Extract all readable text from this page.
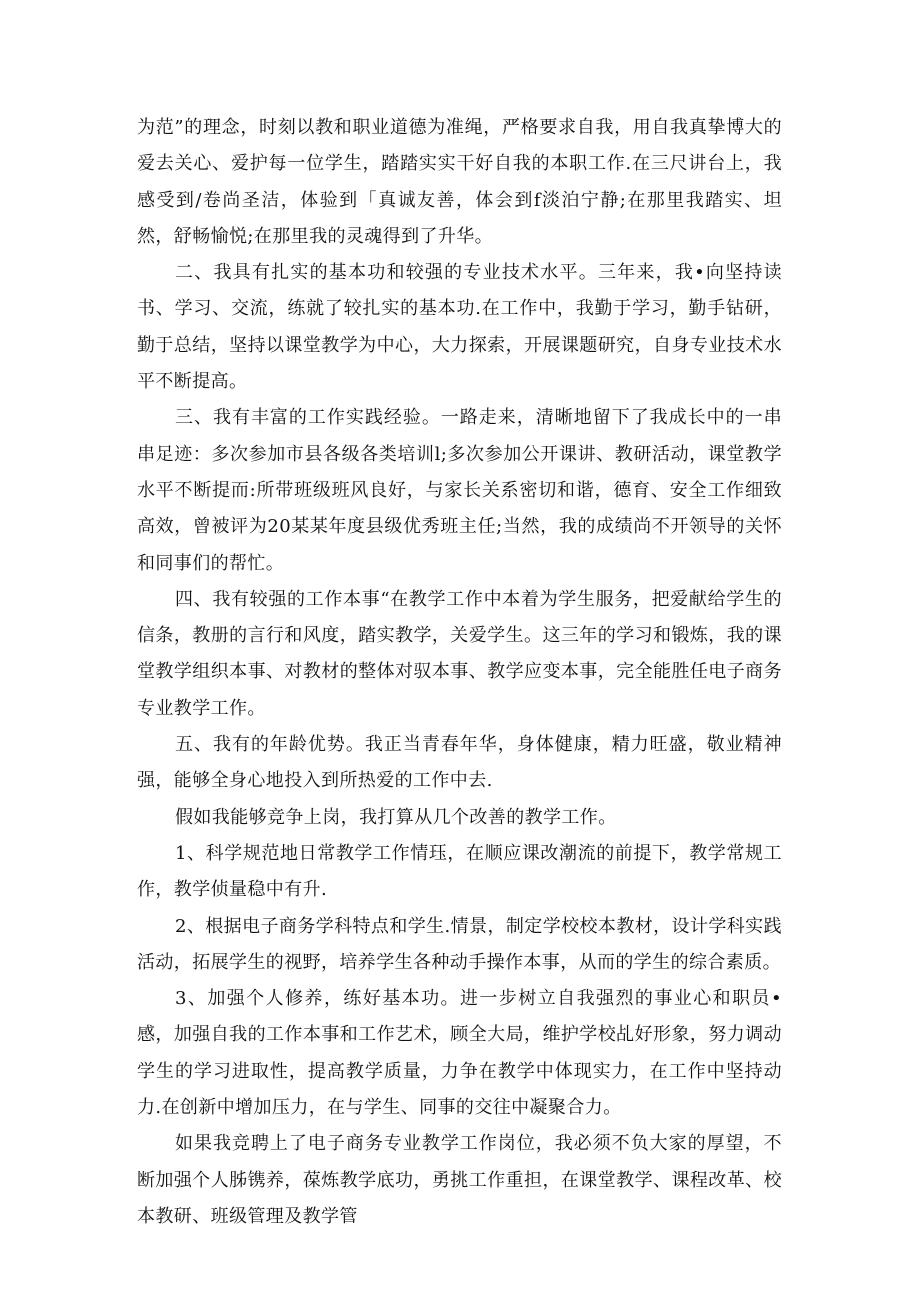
为范”的理念，时刻以教和职业道德为准绳，严格要求自我，用自我真挚博大的爱去关心、爱护每一位学生，踏踏实实干好自我的本职工作.在三尺讲台上，我感受到/卷尚圣洁，体验到「真诚友善，体会到f淡泊宁静;在那里我踏实、坦然，舒畅愉悦;在那里我的灵魂得到了升华。

二、我具有扎实的基本功和较强的专业技术水平。三年来，我•向坚持读书、学习、交流，练就了较扎实的基本功.在工作中，我勤于学习，勤手钻研，勤于总结，坚持以课堂教学为中心，大力探索，开展课题研究，自身专业技术水平不断提高。

三、我有丰富的工作实践经验。一路走来，清晰地留下了我成长中的一串串足迹：多次参加市县各级各类培训l;多次参加公开课讲、教研活动，课堂教学水平不断提而:所带班级班风良好，与家长关系密切和谐，德育、安全工作细致高效，曾被评为20某某年度县级优秀班主任;当然，我的成绩尚不开领导的关怀和同事们的帮忙。

四、我有较强的工作本事“在教学工作中本着为学生服务，把爱献给学生的信条，教册的言行和风度，踏实教学，关爱学生。这三年的学习和锻炼，我的课堂教学组织本事、对教材的整体对驭本事、教学应变本事，完全能胜任电子商务专业教学工作。

五、我有的年龄优势。我正当青春年华，身体健康，精力旺盛，敬业精神强，能够全身心地投入到所热爱的工作中去.

假如我能够竞争上岗，我打算从几个改善的教学工作。

1、科学规范地日常教学工作情珏，在顺应课改潮流的前提下，教学常规工作，教学侦量稳中有升.

2、根据电子商务学科特点和学生.情景，制定学校校本教材，设计学科实践活动，拓展学生的视野，培养学生各种动手操作本事，从而的学生的综合素质。

3、加强个人修养，练好基本功。进一步树立自我强烈的事业心和职员•感，加强自我的工作本事和工作艺术，顾全大局，维护学校乩好形象，努力调动学生的学习进取性，提高教学质量，力争在教学中体现实力，在工作中坚持动力.在创新中增加压力，在与学生、同事的交往中凝聚合力。

如果我竞聘上了电子商务专业教学工作岗位，我必须不负大家的厚望，不断加强个人胏镌养，葆炼教学底功，勇挑工作重担，在课堂教学、课程改革、校本教研、班级管理及教学管
